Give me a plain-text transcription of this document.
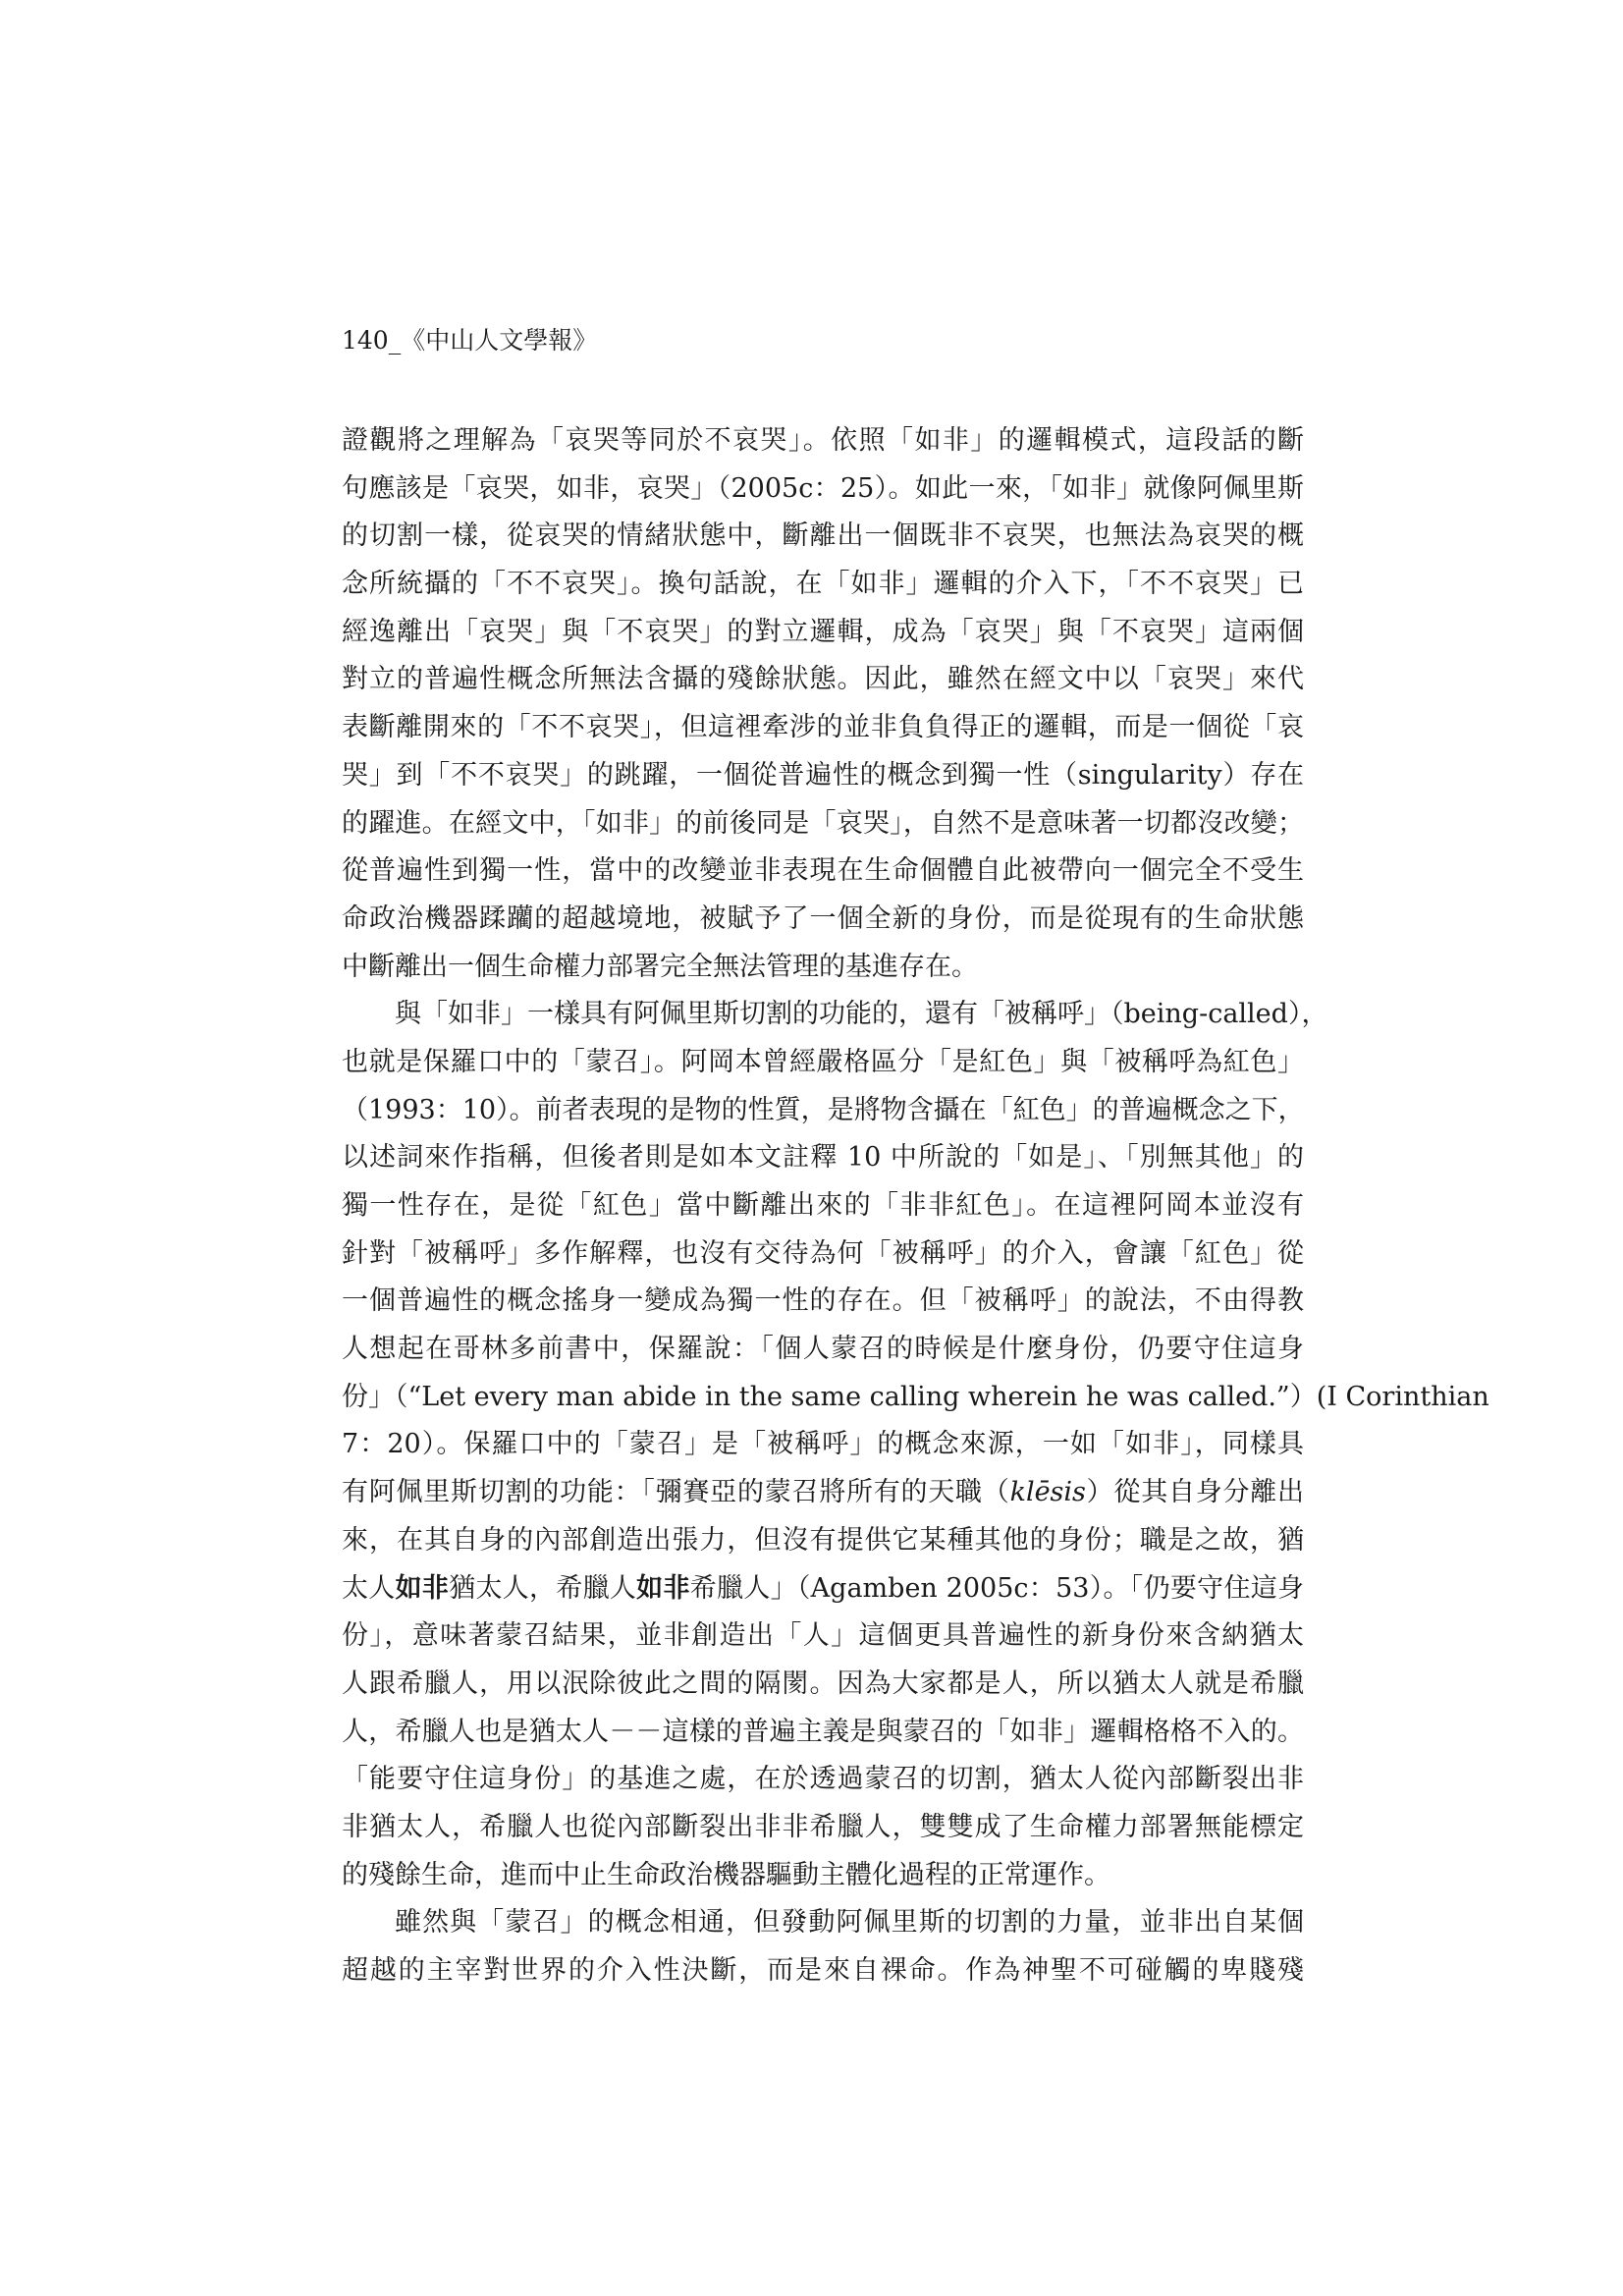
140_《中山人文學報》
證觀將之理解為「哀哭等同於不哀哭」。依照「如非」的邏輯模式，這段話的斷
句應該是「哀哭，如非，哀哭」（2005c：25）。如此一來，「如非」就像阿佩里斯
的切割一樣，從哀哭的情緒狀態中，斷離出一個既非不哀哭，也無法為哀哭的概
念所統攝的「不不哀哭」。換句話說，在「如非」邏輯的介入下，「不不哀哭」已
經逸離出「哀哭」與「不哀哭」的對立邏輯，成為「哀哭」與「不哀哭」這兩個
對立的普遍性概念所無法含攝的殘餘狀態。因此，雖然在經文中以「哀哭」來代
表斷離開來的「不不哀哭」，但這裡牽涉的並非負負得正的邏輯，而是一個從「哀
哭」到「不不哀哭」的跳躍，一個從普遍性的概念到獨一性（singularity）存在
的躍進。在經文中，「如非」的前後同是「哀哭」，自然不是意味著一切都沒改變；
從普遍性到獨一性，當中的改變並非表現在生命個體自此被帶向一個完全不受生
命政治機器蹂躪的超越境地，被賦予了一個全新的身份，而是從現有的生命狀態
中斷離出一個生命權力部署完全無法管理的基進存在。
與「如非」一樣具有阿佩里斯切割的功能的，還有「被稱呼」（being-called），
也就是保羅口中的「蒙召」。阿岡本曾經嚴格區分「是紅色」與「被稱呼為紅色」
（1993：10）。前者表現的是物的性質，是將物含攝在「紅色」的普遍概念之下，
以述詞來作指稱，但後者則是如本文註釋 10 中所說的「如是」、「別無其他」的
獨一性存在，是從「紅色」當中斷離出來的「非非紅色」。在這裡阿岡本並沒有
針對「被稱呼」多作解釋，也沒有交待為何「被稱呼」的介入，會讓「紅色」從
一個普遍性的概念搖身一變成為獨一性的存在。但「被稱呼」的說法，不由得教
人想起在哥林多前書中，保羅說：「個人蒙召的時候是什麼身份，仍要守住這身
份」（“Let every man abide in the same calling wherein he was called.”）(I Corinthian
7：20）。保羅口中的「蒙召」是「被稱呼」的概念來源，一如「如非」，同樣具
有阿佩里斯切割的功能：「彌賽亞的蒙召將所有的天職（klēsis）從其自身分離出
來，在其自身的內部創造出張力，但沒有提供它某種其他的身份；職是之故，猶
太人如非猶太人，希臘人如非希臘人」（Agamben 2005c：53）。「仍要守住這身
份」，意味著蒙召結果，並非創造出「人」這個更具普遍性的新身份來含納猶太
人跟希臘人，用以泯除彼此之間的隔閡。因為大家都是人，所以猶太人就是希臘
人，希臘人也是猶太人－－這樣的普遍主義是與蒙召的「如非」邏輯格格不入的。
「能要守住這身份」的基進之處，在於透過蒙召的切割，猶太人從內部斷裂出非
非猶太人，希臘人也從內部斷裂出非非希臘人，雙雙成了生命權力部署無能標定
的殘餘生命，進而中止生命政治機器驅動主體化過程的正常運作。
雖然與「蒙召」的概念相通，但發動阿佩里斯的切割的力量，並非出自某個
超越的主宰對世界的介入性決斷，而是來自裸命。作為神聖不可碰觸的卑賤殘
